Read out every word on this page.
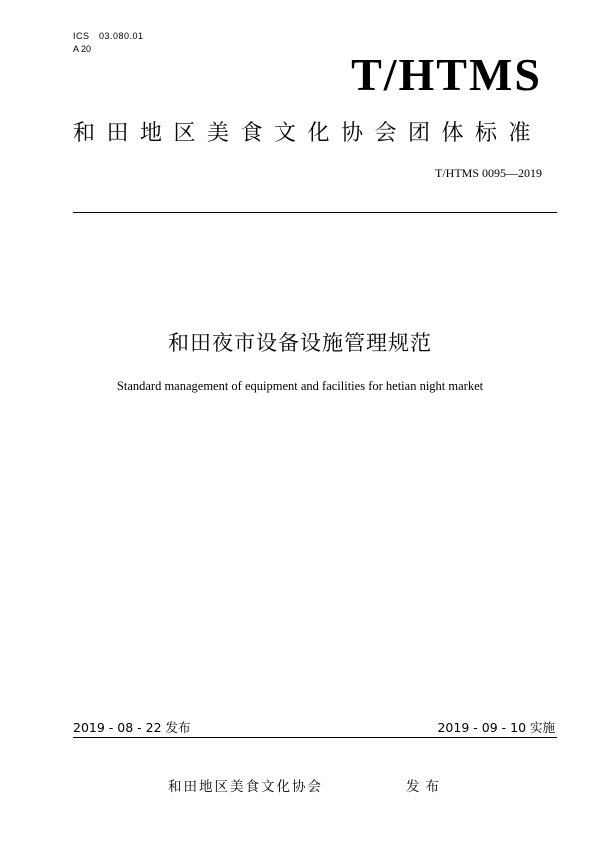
ICS　03.080.01
A 20	T/HTMS
和田地区美食文化协会团体标准
T/HTMS 0095—2019
和田夜市设备设施管理规范
Standard management of equipment and facilities for hetian night market
2019 - 08 - 22 发布	2019 - 09 - 10 实施
和田地区美食文化协会	发布
